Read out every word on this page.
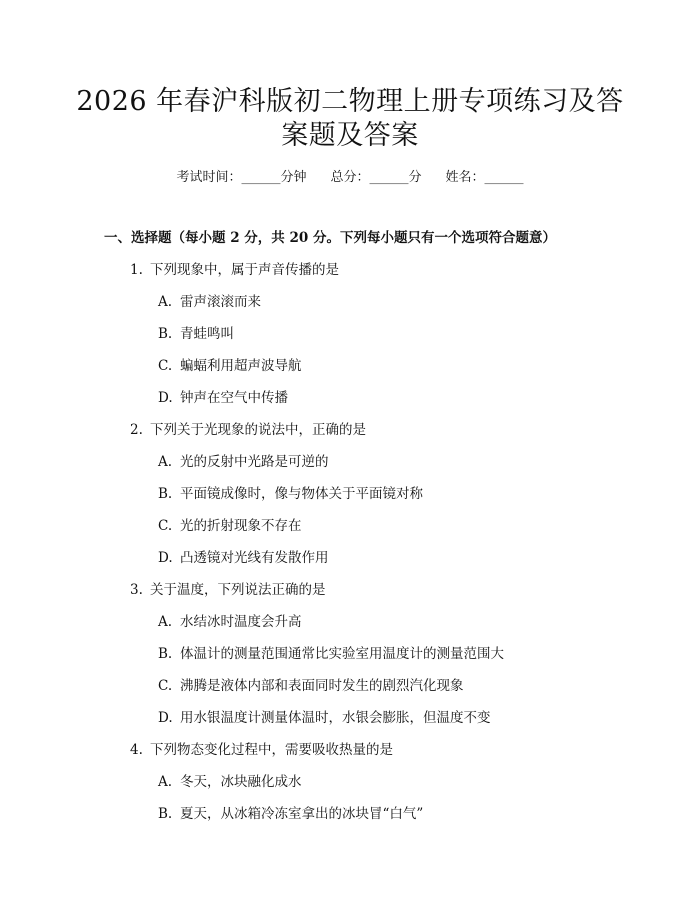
2026 年春沪科版初二物理上册专项练习及答
案题及答案
考试时间：______分钟 总分：______分 姓名：______
一、选择题（每小题 2 分，共 20 分。下列每小题只有一个选项符合题意）
1. 下列现象中，属于声音传播的是
A. 雷声滚滚而来
B. 青蛙鸣叫
C. 蝙蝠利用超声波导航
D. 钟声在空气中传播
2. 下列关于光现象的说法中，正确的是
A. 光的反射中光路是可逆的
B. 平面镜成像时，像与物体关于平面镜对称
C. 光的折射现象不存在
D. 凸透镜对光线有发散作用
3. 关于温度，下列说法正确的是
A. 水结冰时温度会升高
B. 体温计的测量范围通常比实验室用温度计的测量范围大
C. 沸腾是液体内部和表面同时发生的剧烈汽化现象
D. 用水银温度计测量体温时，水银会膨胀，但温度不变
4. 下列物态变化过程中，需要吸收热量的是
A. 冬天，冰块融化成水
B. 夏天，从冰箱冷冻室拿出的冰块冒“白气”
